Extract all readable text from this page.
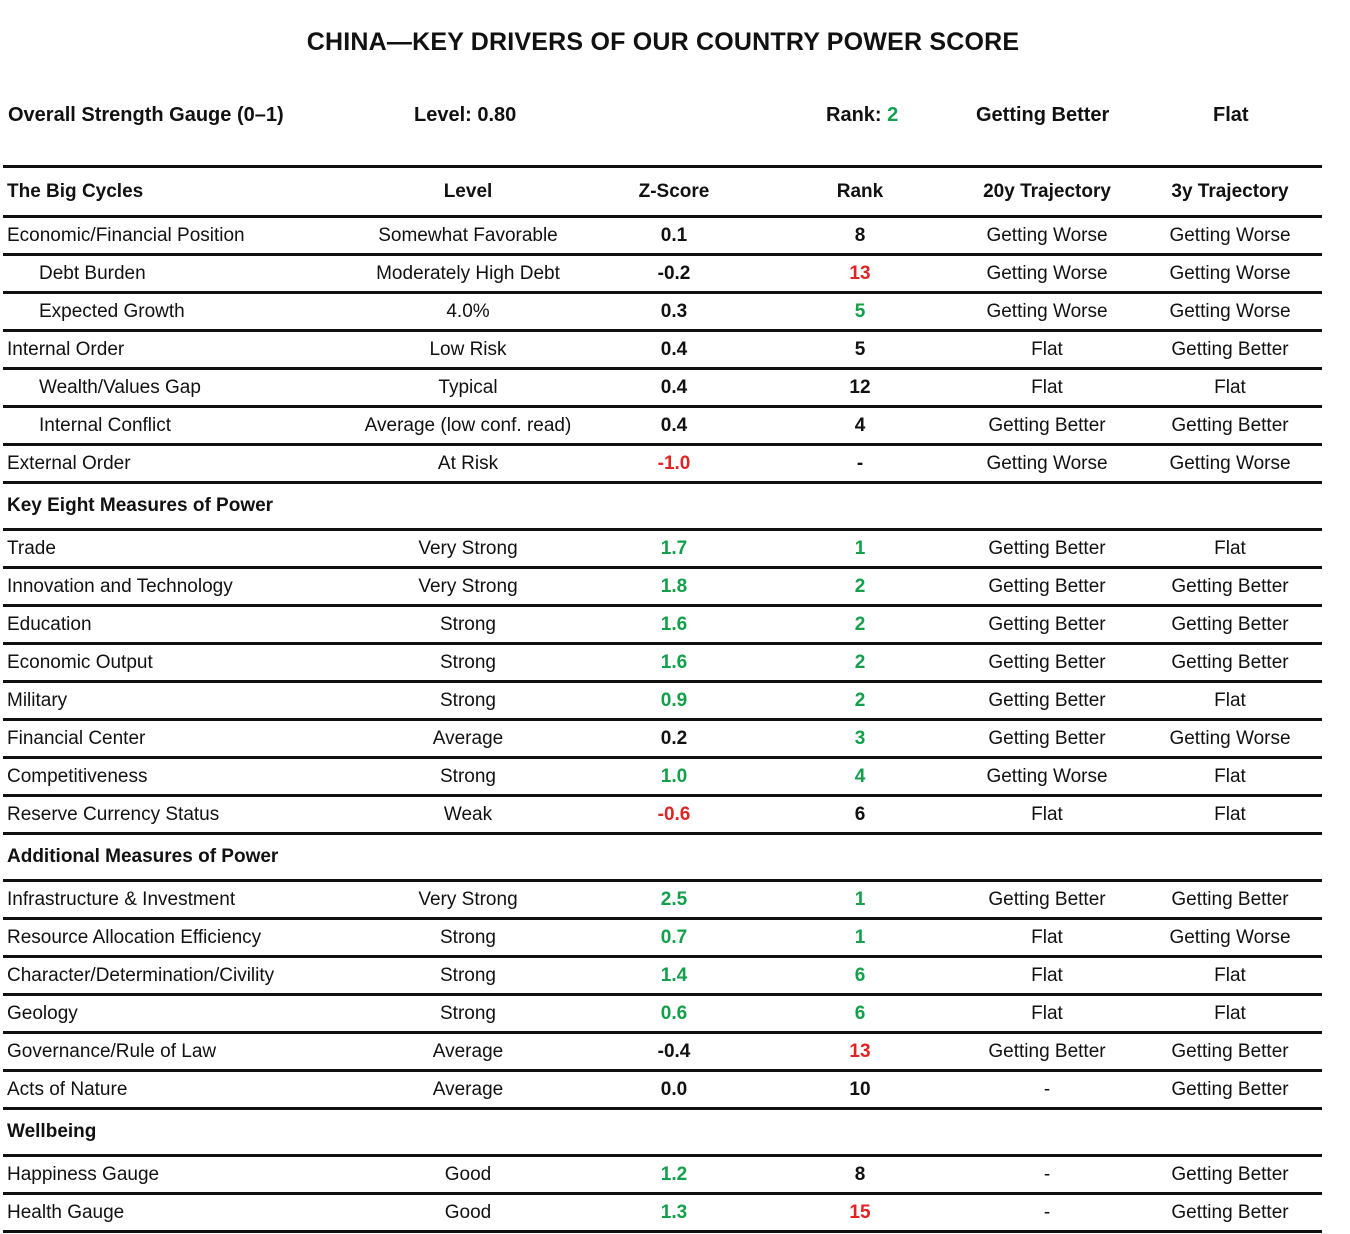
CHINA—KEY DRIVERS OF OUR COUNTRY POWER SCORE
Overall Strength Gauge (0–1)	Level: 0.80	Rank: 2	Getting Better	Flat
The Big Cycles	Level	Z-Score	Rank	20y Trajectory	3y Trajectory
Economic/Financial Position	Somewhat Favorable	0.1	8	Getting Worse	Getting Worse
Debt Burden	Moderately High Debt	-0.2	13	Getting Worse	Getting Worse
Expected Growth	4.0%	0.3	5	Getting Worse	Getting Worse
Internal Order	Low Risk	0.4	5	Flat	Getting Better
Wealth/Values Gap	Typical	0.4	12	Flat	Flat
Internal Conflict	Average (low conf. read)	0.4	4	Getting Better	Getting Better
External Order	At Risk	-1.0	-	Getting Worse	Getting Worse
Key Eight Measures of Power
Trade	Very Strong	1.7	1	Getting Better	Flat
Innovation and Technology	Very Strong	1.8	2	Getting Better	Getting Better
Education	Strong	1.6	2	Getting Better	Getting Better
Economic Output	Strong	1.6	2	Getting Better	Getting Better
Military	Strong	0.9	2	Getting Better	Flat
Financial Center	Average	0.2	3	Getting Better	Getting Worse
Competitiveness	Strong	1.0	4	Getting Worse	Flat
Reserve Currency Status	Weak	-0.6	6	Flat	Flat
Additional Measures of Power
Infrastructure & Investment	Very Strong	2.5	1	Getting Better	Getting Better
Resource Allocation Efficiency	Strong	0.7	1	Flat	Getting Worse
Character/Determination/Civility	Strong	1.4	6	Flat	Flat
Geology	Strong	0.6	6	Flat	Flat
Governance/Rule of Law	Average	-0.4	13	Getting Better	Getting Better
Acts of Nature	Average	0.0	10	-	Getting Better
Wellbeing
Happiness Gauge	Good	1.2	8	-	Getting Better
Health Gauge	Good	1.3	15	-	Getting Better
